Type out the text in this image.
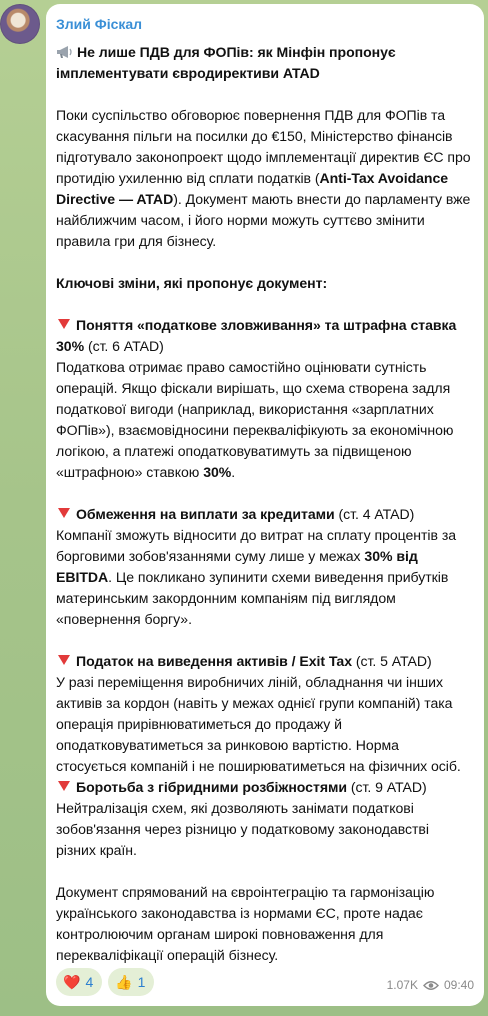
Злий Фіскал
Не лише ПДВ для ФОПів: як Мінфін пропонує імплементувати євродирективи ATAD
Поки суспільство обговорює повернення ПДВ для ФОПів та скасування пільги на посилки до €150, Міністерство фінансів підготувало законопроект щодо імплементації директив ЄС про протидію ухиленню від сплати податків (Anti-Tax Avoidance Directive — ATAD). Документ мають внести до парламенту вже найближчим часом, і його норми можуть суттєво змінити правила гри для бізнесу.
Ключові зміни, які пропонує документ:
Поняття «податкове зловживання» та штрафна ставка 30% (ст. 6 ATAD)
Податкова отримає право самостійно оцінювати сутність операцій. Якщо фіскали вирішать, що схема створена задля податкової вигоди (наприклад, використання «зарплатних ФОПів»), взаємовідносини перекваліфікують за економічною логікою, а платежі оподатковуватимуть за підвищеною «штрафною» ставкою 30%.
Обмеження на виплати за кредитами (ст. 4 ATAD)
Компанії зможуть відносити до витрат на сплату процентів за борговими зобов'язаннями суму лише у межах 30% від EBITDA. Це покликано зупинити схеми виведення прибутків материнським закордонним компаніям під виглядом «повернення боргу».
Податок на виведення активів / Exit Tax (ст. 5 ATAD)
У разі переміщення виробничих ліній, обладнання чи інших активів за кордон (навіть у межах однієї групи компаній) така операція прирівнюватиметься до продажу й оподатковуватиметься за ринковою вартістю. Норма стосується компаній і не поширюватиметься на фізичних осіб.
Боротьба з гібридними розбіжностями (ст. 9 ATAD)
Нейтралізація схем, які дозволяють занімати податкові зобов'язання через різницю у податковому законодавстві різних країн.
Документ спрямований на євроінтеграцію та гармонізацію українського законодавства із нормами ЄС, проте надає контролюючим органам широкі повноваження для перекваліфікації операцій бізнесу.
❤️ 4 👍 1	1.07K 09:40
